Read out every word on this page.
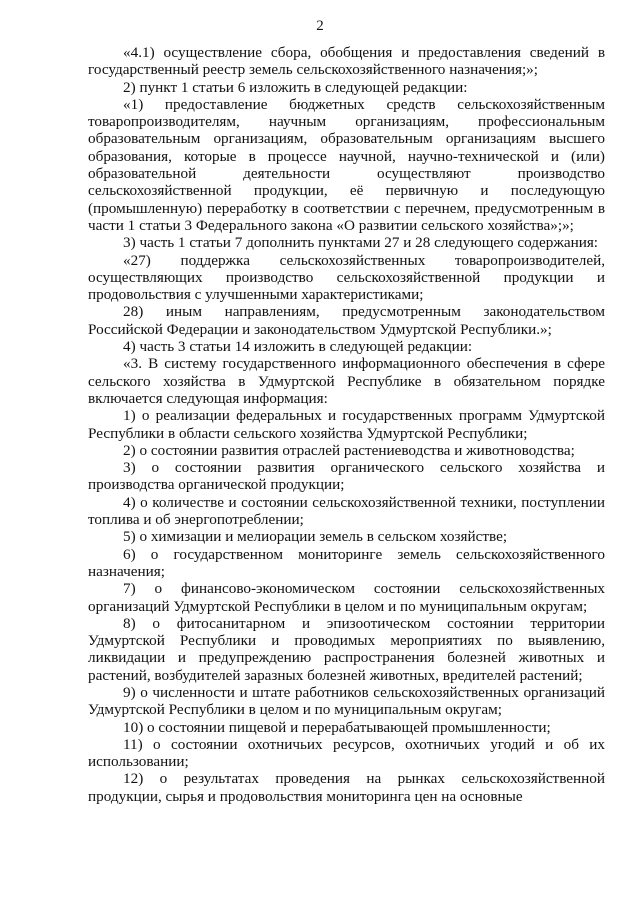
2

«4.1) осуществление сбора, обобщения и предоставления сведений в государственный реестр земель сельскохозяйственного назначения;»;

2) пункт 1 статьи 6 изложить в следующей редакции:

«1) предоставление бюджетных средств сельскохозяйственным товаропроизводителям, научным организациям, профессиональным образовательным организациям, образовательным организациям высшего образования, которые в процессе научной, научно-технической и (или) образовательной деятельности осуществляют производство сельскохозяйственной продукции, её первичную и последующую (промышленную) переработку в соответствии с перечнем, предусмотренным в части 1 статьи 3 Федерального закона «О развитии сельского хозяйства»;»;

3) часть 1 статьи 7 дополнить пунктами 27 и 28 следующего содержания:

«27) поддержка сельскохозяйственных товаропроизводителей, осуществляющих производство сельскохозяйственной продукции и продовольствия с улучшенными характеристиками;

28) иным направлениям, предусмотренным законодательством Российской Федерации и законодательством Удмуртской Республики.»;

4) часть 3 статьи 14 изложить в следующей редакции:

«3. В систему государственного информационного обеспечения в сфере сельского хозяйства в Удмуртской Республике в обязательном порядке включается следующая информация:

1) о реализации федеральных и государственных программ Удмуртской Республики в области сельского хозяйства Удмуртской Республики;

2) о состоянии развития отраслей растениеводства и животноводства;

3) о состоянии развития органического сельского хозяйства и производства органической продукции;

4) о количестве и состоянии сельскохозяйственной техники, поступлении топлива и об энергопотреблении;

5) о химизации и мелиорации земель в сельском хозяйстве;

6) о государственном мониторинге земель сельскохозяйственного назначения;

7) о финансово-экономическом состоянии сельскохозяйственных организаций Удмуртской Республики в целом и по муниципальным округам;

8) о фитосанитарном и эпизоотическом состоянии территории Удмуртской Республики и проводимых мероприятиях по выявлению, ликвидации и предупреждению распространения болезней животных и растений, возбудителей заразных болезней животных, вредителей растений;

9) о численности и штате работников сельскохозяйственных организаций Удмуртской Республики в целом и по муниципальным округам;

10) о состоянии пищевой и перерабатывающей промышленности;

11) о состоянии охотничьих ресурсов, охотничьих угодий и об их использовании;

12) о результатах проведения на рынках сельскохозяйственной продукции, сырья и продовольствия мониторинга цен на основные
